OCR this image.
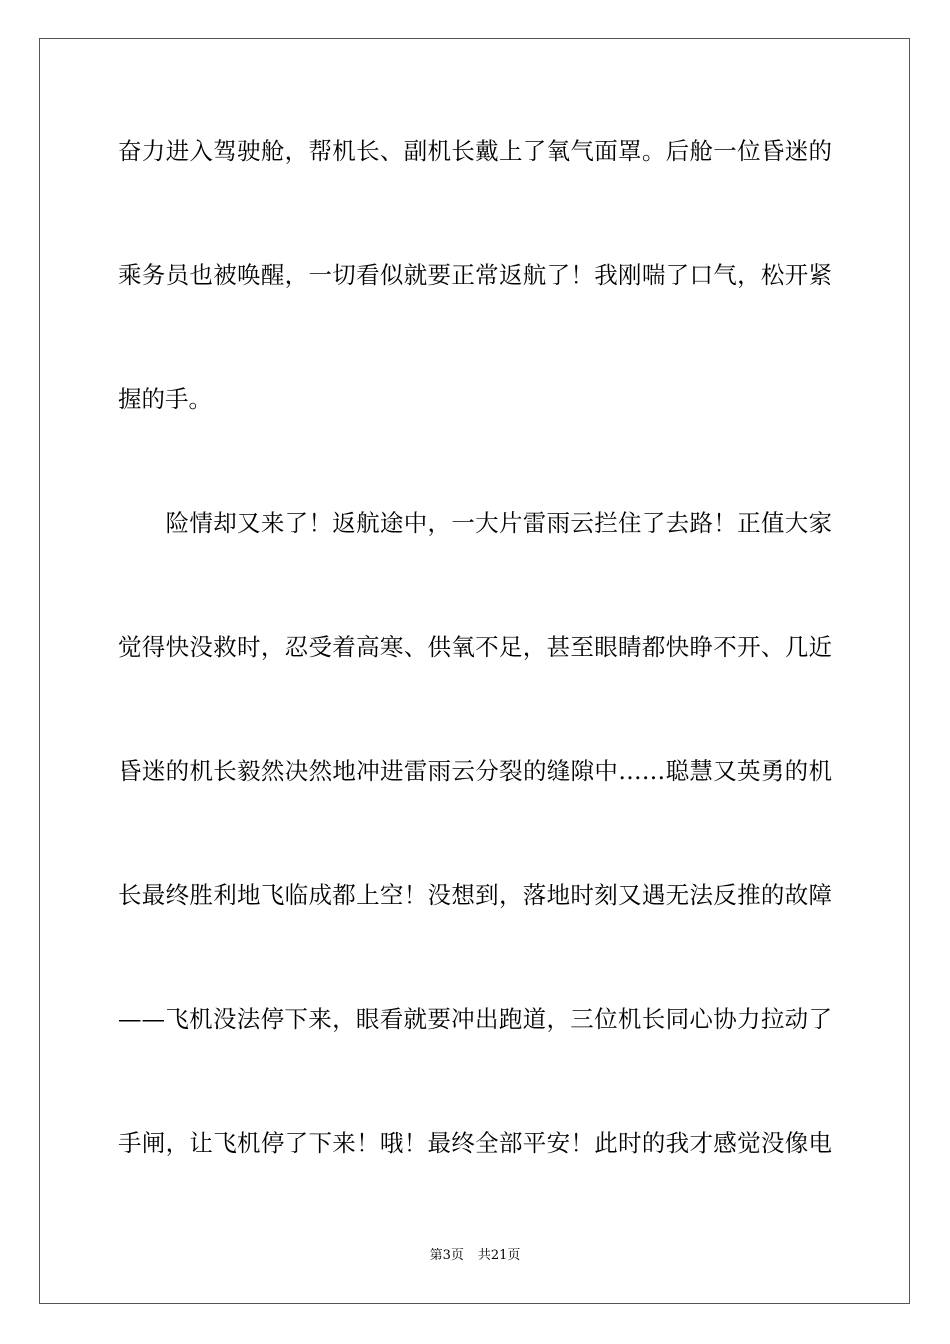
奋力进入驾驶舱，帮机长、副机长戴上了氧气面罩。后舱一位昏迷的
乘务员也被唤醒，一切看似就要正常返航了！我刚喘了口气，松开紧
握的手。
　　险情却又来了！返航途中，一大片雷雨云拦住了去路！正值大家
觉得快没救时，忍受着高寒、供氧不足，甚至眼睛都快睁不开、几近
昏迷的机长毅然决然地冲进雷雨云分裂的缝隙中……聪慧又英勇的机
长最终胜利地飞临成都上空！没想到，落地时刻又遇无法反推的故障
——飞机没法停下来，眼看就要冲出跑道，三位机长同心协力拉动了
手闸，让飞机停了下来！哦！最终全部平安！此时的我才感觉没像电
第3页 共21页
